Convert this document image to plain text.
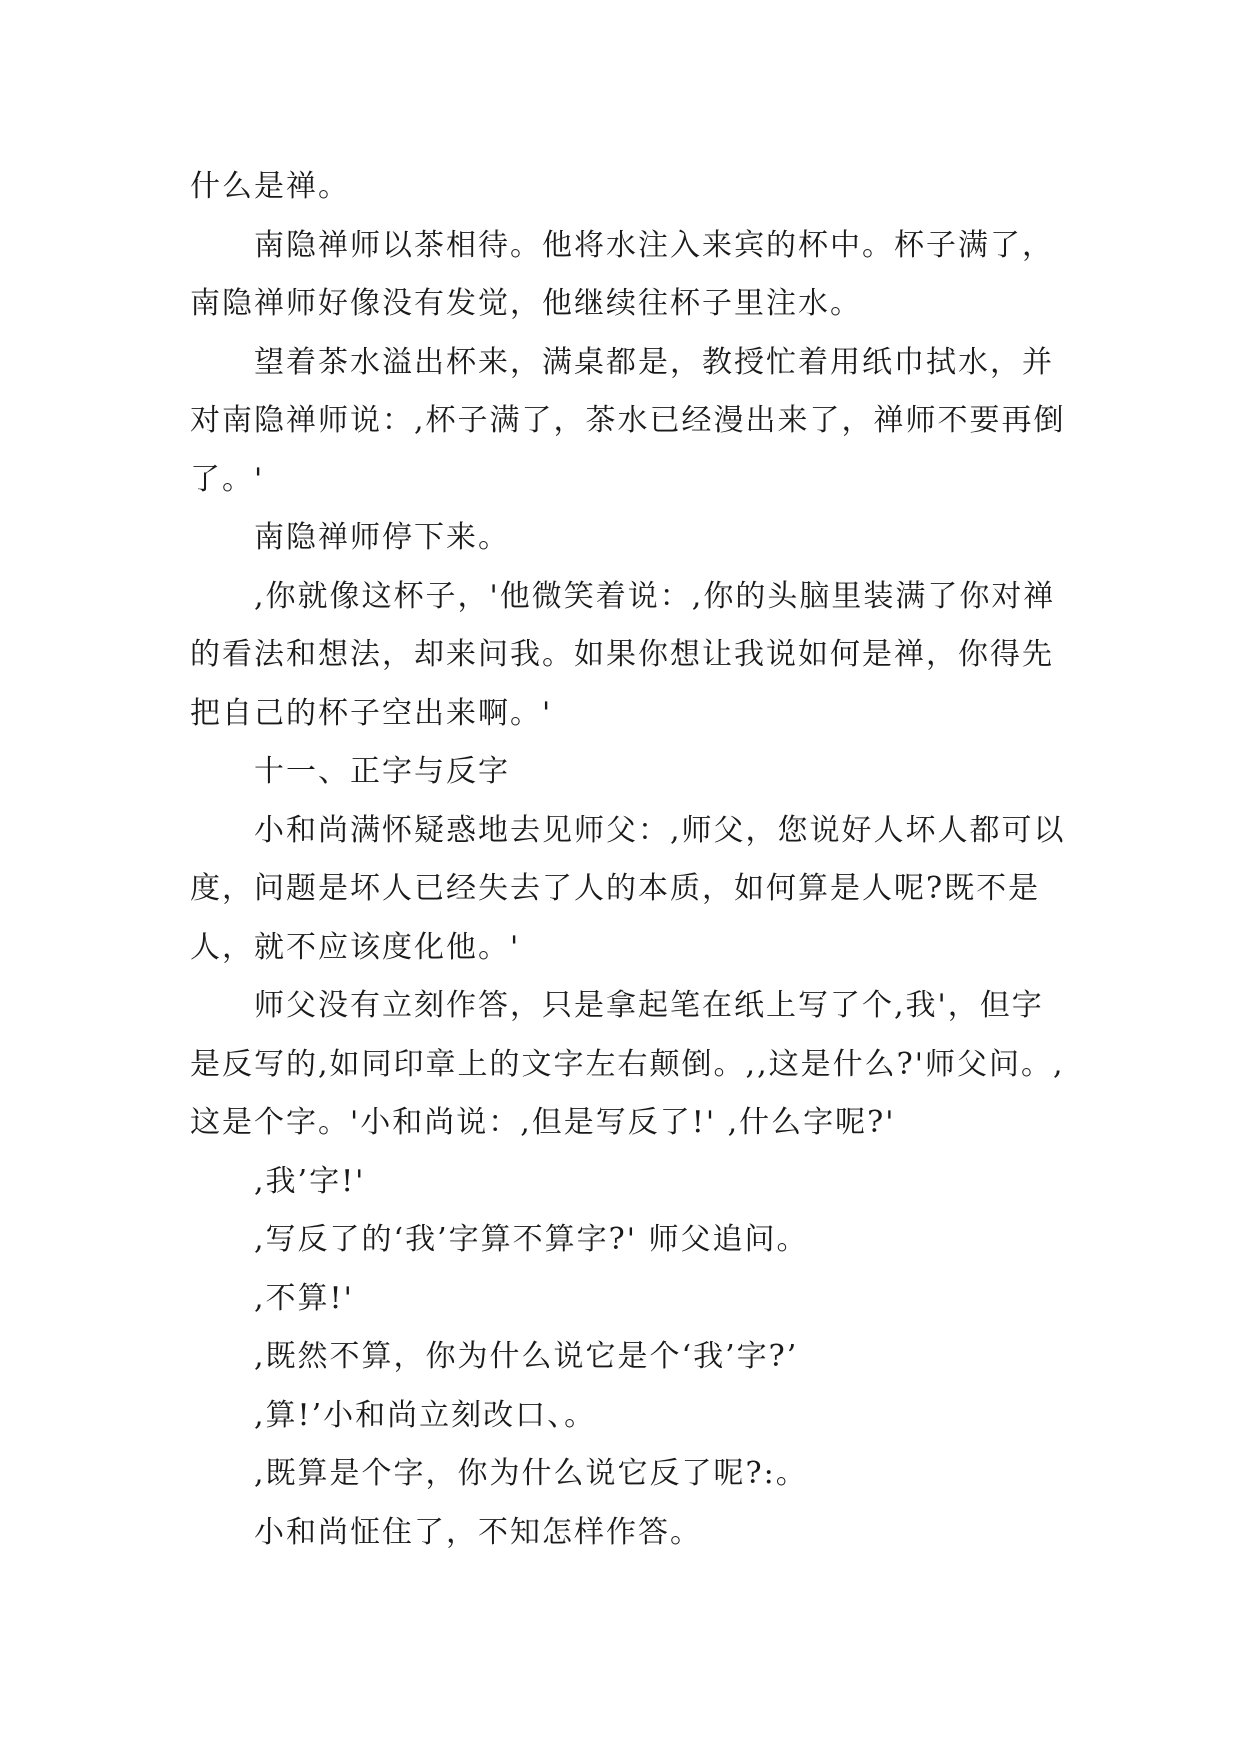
什么是禅。

南隐禅师以茶相待。他将水注入来宾的杯中。杯子满了，南隐禅师好像没有发觉，他继续往杯子里注水。

望着茶水溢出杯来，满桌都是，教授忙着用纸巾拭水，并对南隐禅师说：,杯子满了，茶水已经漫出来了，禅师不要再倒了。'

南隐禅师停下来。

,你就像这杯子，'他微笑着说：,你的头脑里装满了你对禅的看法和想法，却来问我。如果你想让我说如何是禅，你得先把自己的杯子空出来啊。'

十一、正字与反字

小和尚满怀疑惑地去见师父：,师父，您说好人坏人都可以度，问题是坏人已经失去了人的本质，如何算是人呢?既不是人，就不应该度化他。'

师父没有立刻作答，只是拿起笔在纸上写了个,我'，但字是反写的,如同印章上的文字左右颠倒。,,这是什么?'师父问。,这是个字。'小和尚说：,但是写反了!' ,什么字呢?'

,我’字!'

,写反了的‘我’字算不算字?' 师父追问。

,不算!'

,既然不算，你为什么说它是个‘我’字?’

,算!’小和尚立刻改口、。

,既算是个字，你为什么说它反了呢?:。

小和尚怔住了，不知怎样作答。
